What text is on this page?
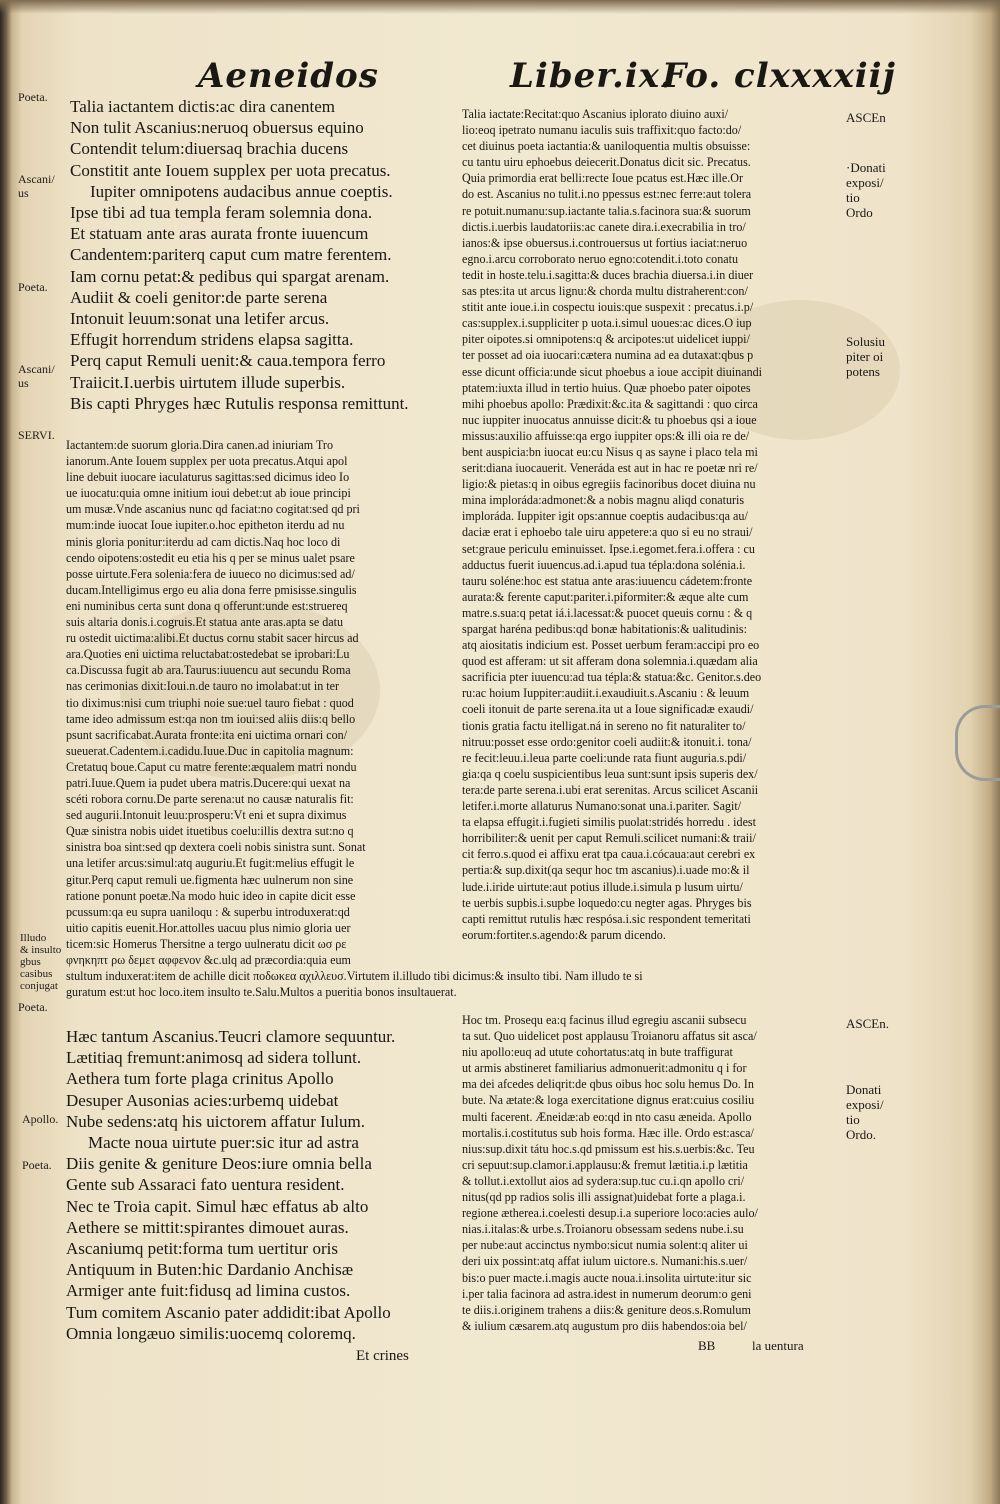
Aeneidos	Liber.ix.
Fo. clxxxxiij
Poeta.
Ascani/
us
Poeta.
Ascani/
us
SERVI.
Illudo
& insulto
gbus
casibus
conjugat
Poeta.
Apollo.
Poeta.
Talia iactantem dictis:ac dira canentem
Non tulit Ascanius:neruoq obuersus equino
Contendit telum:diuersaq brachia ducens
Constitit ante Iouem supplex per uota precatus.
Iupiter omnipotens audacibus annue coeptis.
Ipse tibi ad tua templa feram solemnia dona.
Et statuam ante aras aurata fronte iuuencum
Candentem:pariterq caput cum matre ferentem.
Iam cornu petat:& pedibus qui spargat arenam.
Audiit & coeli genitor:de parte serena
Intonuit leuum:sonat una letifer arcus.
Effugit horrendum stridens elapsa sagitta.
Perq caput Remuli uenit:& caua.tempora ferro
Traiicit.I.uerbis uirtutem illude superbis.
Bis capti Phryges hæc Rutulis responsa remittunt.
Iactantem:de suorum gloria.Dira canen.ad iniuriam Tro
ianorum.Ante Iouem supplex per uota precatus.Atqui apol
line debuit iuocare iaculaturus sagittas:sed dicimus ideo Io
ue iuocatu:quia omne initium ioui debet:ut ab ioue principi
um musæ.Vnde ascanius nunc qd faciat:no cogitat:sed qd pri
mum:inde iuocat Ioue iupiter.o.hoc epitheton iterdu ad nu
minis gloria ponitur:iterdu ad cam dictis.Naq hoc loco di
cendo oipotens:ostedit eu etia his q per se minus ualet psare
posse uirtute.Fera solenia:fera de iuueco no dicimus:sed ad/
ducam.Intelligimus ergo eu alia dona ferre pmisisse.singulis
eni numinibus certa sunt dona q offerunt:unde est:struereq
suis altaria donis.i.cogruis.Et statua ante aras.apta se datu
ru ostedit uictima:alibi.Et ductus cornu stabit sacer hircus ad
ara.Quoties eni uictima reluctabat:ostedebat se iprobari:Lu
ca.Discussa fugit ab ara.Taurus:iuuencu aut secundu Roma
nas cerimonias dixit:Ioui.n.de tauro no imolabat:ut in ter
tio diximus:nisi cum triuphi noie sue:uel tauro fiebat : quod
tame ideo admissum est:qa non tm ioui:sed aliis diis:q bello
psunt sacrificabat.Aurata fronte:ita eni uictima ornari con/
sueuerat.Cadentem.i.cadidu.Iuue.Duc in capitolia magnum:
Cretatuq boue.Caput cu matre ferente:æqualem matri nondu
patri.Iuue.Quem ia pudet ubera matris.Ducere:qui uexat na
scéti robora cornu.De parte serena:ut no causæ naturalis fit:
sed augurii.Intonuit leuu:prosperu:Vt eni et supra diximus
Quæ sinistra nobis uidet ituetibus coelu:illis dextra sut:no q
sinistra boa sint:sed qp dextera coeli nobis sinistra sunt. Sonat
una letifer arcus:simul:atq auguriu.Et fugit:melius effugit le
gitur.Perq caput remuli ue.figmenta hæc uulnerum non sine
ratione ponunt poetæ.Na modo huic ideo in capite dicit esse
pcussum:qa eu supra uaniloqu : & superbu introduxerat:qd
uitio capitis euenit.Hor.attolles uacuu plus nimio gloria uer
ticem:sic Homerus Thersitne a tergo uulneratu dicit ωσ ρε
φνηκηπτ ρω δεμετ αφφενον &c.ulq ad præcordia:quia eum
stultum induxerat:item de achille dicit ποδωκεα αχιλλευσ.Virtutem il.illudo tibi dicimus:& insulto tibi. Nam illudo te si
guratum est:ut hoc loco.item insulto te.Salu.Multos a pueritia bonos insultauerat.
Talia iactate:Recitat:quo Ascanius iplorato diuino auxi/
lio:eoq ipetrato numanu iaculis suis traffixit:quo facto:do/
cet diuinus poeta iactantia:& uaniloquentia multis obsuisse:
cu tantu uiru ephoebus deiecerit.Donatus dicit sic. Precatus.
Quia primordia erat belli:recte Ioue pcatus est.Hæc ille.Or
do est. Ascanius no tulit.i.no ppessus est:nec ferre:aut tolera
re potuit.numanu:sup.iactante talia.s.facinora sua:& suorum
dictis.i.uerbis laudatoriis:ac canete dira.i.execrabilia in tro/
ianos:& ipse obuersus.i.controuersus ut fortius iaciat:neruo
egno.i.arcu corroborato neruo egno:cotendit.i.toto conatu
tedit in hoste.telu.i.sagitta:& duces brachia diuersa.i.in diuer
sas ptes:ita ut arcus lignu:& chorda multu distraherent:con/
stitit ante ioue.i.in cospectu iouis:que suspexit : precatus.i.p/
cas:supplex.i.suppliciter p uota.i.simul uoues:ac dices.O iup
piter oipotes.si omnipotens:q & arcipotes:ut uidelicet iuppi/
ter posset ad oia iuocari:cætera numina ad ea dutaxat:qbus p
esse dicunt officia:unde sicut phoebus a ioue accipit diuinandi
ptatem:iuxta illud in tertio huius. Quæ phoebo pater oipotes
mihi phoebus apollo: Prædixit:&c.ita & sagittandi : quo circa
nuc iuppiter inuocatus annuisse dicit:& tu phoebus qsi a ioue
missus:auxilio affuisse:qa ergo iuppiter ops:& illi oia re de/
bent auspicia:bn iuocat eu:cu Nisus q as sayne i placo tela mi
serit:diana iuocauerit. Veneráda est aut in hac re poetæ nri re/
ligio:& pietas:q in oibus egregiis facinoribus docet diuina nu
mina imploráda:admonet:& a nobis magnu aliqd conaturis
imploráda. Iuppiter igit ops:annue coeptis audacibus:qa au/
daciæ erat i ephoebo tale uiru appetere:a quo si eu no straui/
set:graue periculu eminuisset. Ipse.i.egomet.fera.i.offera : cu
adductus fuerit iuuencus.ad.i.apud tua tépla:dona solénia.i.
tauru soléne:hoc est statua ante aras:iuuencu cádetem:fronte
aurata:& ferente caput:pariter.i.piformiter:& æque alte cum
matre.s.sua:q petat iá.i.lacessat:& puocet queuis cornu : & q
spargat haréna pedibus:qd bonæ habitationis:& ualitudinis:
atq aiositatis indicium est. Posset uerbum feram:accipi pro eo
quod est afferam: ut sit afferam dona solemnia.i.quædam alia
sacrificia pter iuuencu:ad tua tépla:& statua:&c. Genitor.s.deo
ru:ac hoium Iuppiter:audiit.i.exaudiuit.s.Ascaniu : & leuum
coeli itonuit de parte serena.ita ut a Ioue significadæ exaudi/
tionis gratia factu itelligat.ná in sereno no fit naturaliter to/
nitruu:posset esse ordo:genitor coeli audiit:& itonuit.i. tona/
re fecit:leuu.i.leua parte coeli:unde rata fiunt auguria.s.pdi/
gia:qa q coelu suspicientibus leua sunt:sunt ipsis superis dex/
tera:de parte serena.i.ubi erat serenitas. Arcus scilicet Ascanii
letifer.i.morte allaturus Numano:sonat una.i.pariter. Sagit/
ta elapsa effugit.i.fugieti similis puolat:stridés horredu . idest
horribiliter:& uenit per caput Remuli.scilicet numani:& traii/
cit ferro.s.quod ei affixu erat tpa caua.i.cócaua:aut cerebri ex
pertia:& sup.dixit(qa sequr hoc tm ascanius).i.uade mo:& il
lude.i.iride uirtute:aut potius illude.i.simula p lusum uirtu/
te uerbis supbis.i.supbe loquedo:cu negter agas. Phryges bis
capti remittut rutulis hæc respósa.i.sic respondent temeritati
eorum:fortiter.s.agendo:& parum dicendo.
Hæc tantum Ascanius.Teucri clamore sequuntur.
Lætitiaq fremunt:animosq ad sidera tollunt.
Aethera tum forte plaga crinitus Apollo
Desuper Ausonias acies:urbemq uidebat
Nube sedens:atq his uictorem affatur Iulum.
Macte noua uirtute puer:sic itur ad astra
Diis genite & geniture Deos:iure omnia bella
Gente sub Assaraci fato uentura resident.
Nec te Troia capit. Simul hæc effatus ab alto
Aethere se mittit:spirantes dimouet auras.
Ascaniumq petit:forma tum uertitur oris
Antiquum in Buten:hic Dardanio Anchisæ
Armiger ante fuit:fidusq ad limina custos.
Tum comitem Ascanio pater addidit:ibat Apollo
Omnia longæuo similis:uocemq coloremq.
Et crines
Hoc tm. Prosequ ea:q facinus illud egregiu ascanii subsecu
ta sut. Quo uidelicet post applausu Troianoru affatus sit asca/
niu apollo:euq ad utute cohortatus:atq in bute traffigurat
ut armis abstineret familiarius admonuerit:admonitu q i for
ma dei afcedes deliqrit:de qbus oibus hoc solu hemus Do. In
bute. Na ætate:& loga exercitatione dignus erat:cuius cosiliu
multi facerent. Æneidæ:ab eo:qd in nto casu æneida. Apollo
mortalis.i.costitutus sub hois forma. Hæc ille. Ordo est:asca/
nius:sup.dixit tátu hoc.s.qd pmissum est his.s.uerbis:&c. Teu
cri sepuut:sup.clamor.i.applausu:& fremut lætitia.i.p lætitia
& tollut.i.extollut aios ad sydera:sup.tuc cu.i.qn apollo cri/
nitus(qd pp radios solis illi assignat)uidebat forte a plaga.i.
regione æthereа.i.coelesti desup.i.a superiore loco:acies aulo/
nias.i.italas:& urbe.s.Troianoru obsessam sedens nube.i.su
per nube:aut accinctus nymbo:sicut numia solent:q aliter ui
deri uix possint:atq affat iulum uictore.s. Numani:his.s.uer/
bis:o puer macte.i.magis aucte noua.i.insolita uirtute:itur sic
i.per talia facinora ad astra.idest in numerum deorum:o geni
te diis.i.originem trahens a diis:& geniture deos.s.Romulum
& iulium cæsarem.atq augustum pro diis habendos:oia bel/
BB	la uentura
ASCEn
·Donati
exposi/
tio
Ordo
Solusiu
piter oi
potens
ASCEn.
Donati
exposi/
tio
Ordo.
